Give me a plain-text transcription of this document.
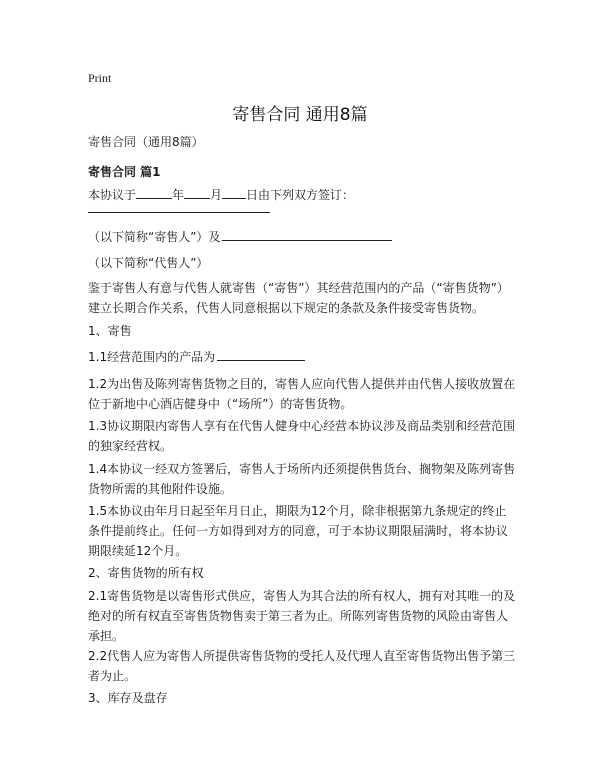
Print
寄售合同 通用8篇
寄售合同（通用8篇）
寄售合同 篇1
本协议于	年 月 日由下列双方签订：
（以下简称“寄售人”）及
（以下简称“代售人”）
鉴于寄售人有意与代售人就寄售（“寄售”）其经营范围内的产品（“寄售货物”）建立长期合作关系，代售人同意根据以下规定的条款及条件接受寄售货物。
1、寄售
1.1经营范围内的产品为
1.2为出售及陈列寄售货物之目的，寄售人应向代售人提供并由代售人接收放置在位于新地中心酒店健身中（“场所”）的寄售货物。
1.3协议期限内寄售人享有在代售人健身中心经营本协议涉及商品类别和经营范围的独家经营权。
1.4本协议一经双方签署后，寄售人于场所内还须提供售货台、搁物架及陈列寄售货物所需的其他附件设施。
1.5本协议由年月日起至年月日止，期限为12个月，除非根据第九条规定的终止条件提前终止。任何一方如得到对方的同意，可于本协议期限届满时，将本协议期限续延12个月。
2、寄售货物的所有权
2.1寄售货物是以寄售形式供应，寄售人为其合法的所有权人，拥有对其唯一的及绝对的所有权直至寄售货物售卖于第三者为止。所陈列寄售货物的风险由寄售人承担。
2.2代售人应为寄售人所提供寄售货物的受托人及代理人直至寄售货物出售予第三者为止。
3、库存及盘存
